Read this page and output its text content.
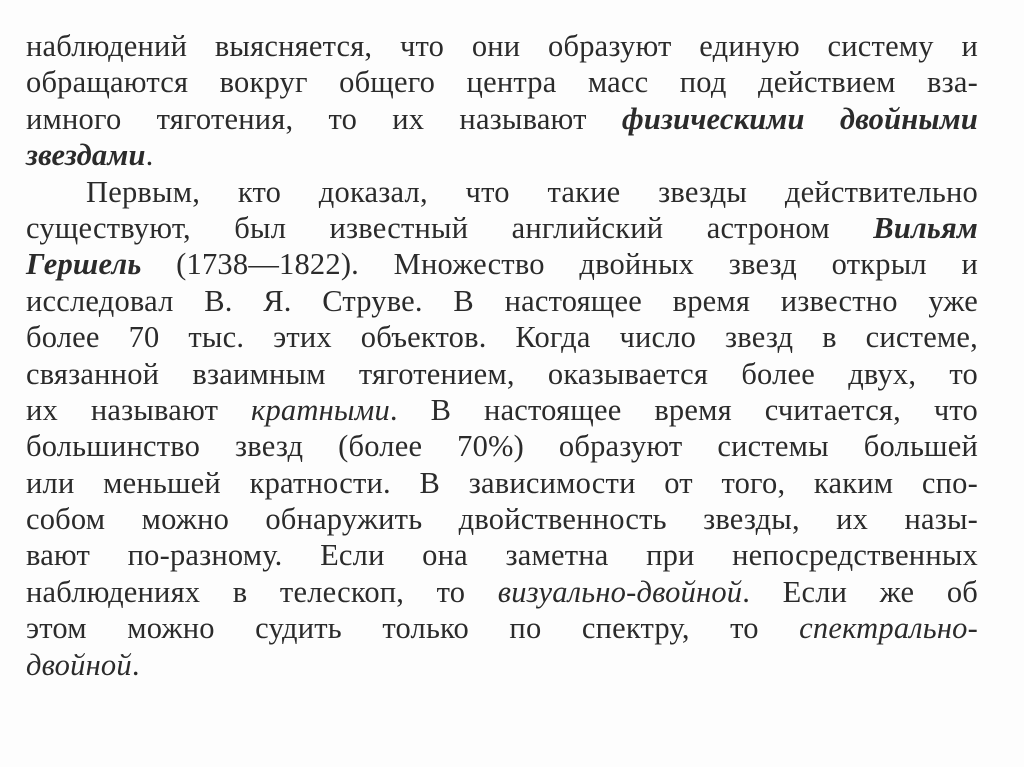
наблюдений выясняется, что они образуют единую систему и
обращаются вокруг общего центра масс под действием вза-
имного тяготения, то их называют физическими двойными
звездами.
Первым, кто доказал, что такие звезды действительно
существуют, был известный английский астроном Вильям
Гершель (1738—1822). Множество двойных звезд открыл и
исследовал В. Я. Струве. В настоящее время известно уже
более 70 тыс. этих объектов. Когда число звезд в системе,
связанной взаимным тяготением, оказывается более двух, то
их называют кратными. В настоящее время считается, что
большинство звезд (более 70%) образуют системы большей
или меньшей кратности. В зависимости от того, каким спо-
собом можно обнаружить двойственность звезды, их назы-
вают по-разному. Если она заметна при непосредственных
наблюдениях в телескоп, то визуально-двойной. Если же об
этом можно судить только по спектру, то спектрально-
двойной.
